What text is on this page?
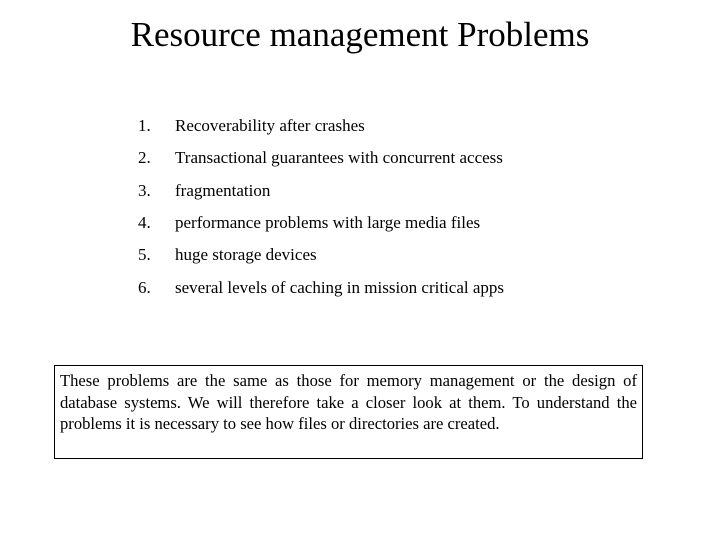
Resource management Problems
1.	Recoverability after crashes
2.	Transactional guarantees with concurrent access
3.	fragmentation
4.	performance problems with large media files
5.	huge storage devices
6.	several levels of caching in mission critical apps

These problems are the same as those for memory management or the design of database systems. We will therefore take a closer look at them. To understand the problems it is necessary to see how files or directories are created.
